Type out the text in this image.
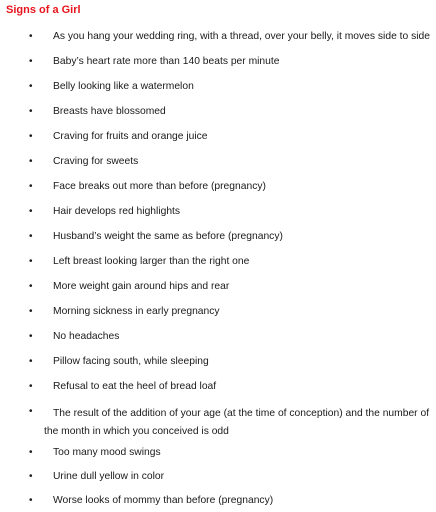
Signs of a Girl
• As you hang your wedding ring, with a thread, over your belly, it moves side to side
• Baby’s heart rate more than 140 beats per minute
• Belly looking like a watermelon
• Breasts have blossomed
• Craving for fruits and orange juice
• Craving for sweets
• Face breaks out more than before (pregnancy)
• Hair develops red highlights
• Husband’s weight the same as before (pregnancy)
• Left breast looking larger than the right one
• More weight gain around hips and rear
• Morning sickness in early pregnancy
• No headaches
• Pillow facing south, while sleeping
• Refusal to eat the heel of bread loaf
•	The result of the addition of your age (at the time of conception) and the number of the month in which you conceived is odd
• Too many mood swings
• Urine dull yellow in color
• Worse looks of mommy than before (pregnancy)
